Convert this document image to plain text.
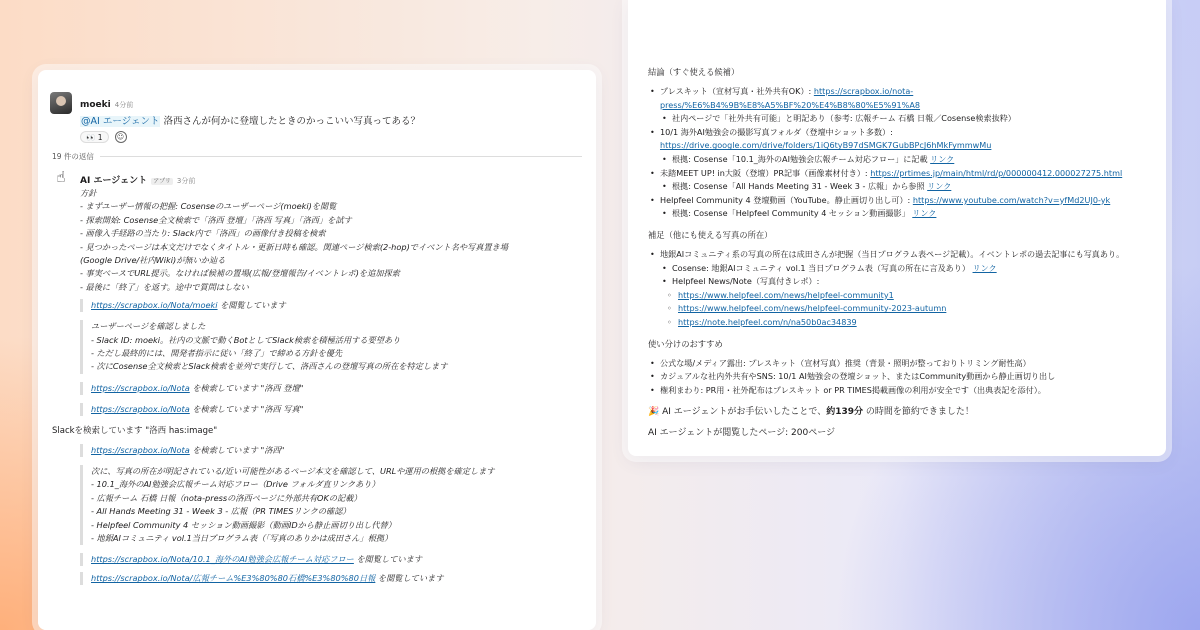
moeki 4分前
@AI エージェント 洛西さんが何かに登壇したときのかっこいい写真ってある？
👀 1	☺
19 件の返信
☝	AI エージェント アプリ 3分前
方針
- まずユーザー情報の把握: Cosenseのユーザーページ(moeki)を閲覧
- 探索開始: Cosense全文検索で「洛西 登壇」「洛西 写真」「洛西」を試す
- 画像入手経路の当たり: Slack内で「洛西」の画像付き投稿を検索
- 見つかったページは本文だけでなくタイトル・更新日時も確認。関連ページ検索(2-hop)でイベント名や写真置き場
(Google Drive/社内Wiki)が無いか辿る
- 事実ベースでURL提示。なければ候補の置場(広報/登壇報告/イベントレポ)を追加探索
- 最後に「終了」を返す。途中で質問はしない
https://scrapbox.io/Nota/moeki を閲覧しています
ユーザーページを確認しました
- Slack ID: moeki。社内の文脈で動くBotとしてSlack検索を積極活用する要望あり
- ただし最終的には、開発者指示に従い「終了」で締める方針を優先
- 次にCosense全文検索とSlack検索を並列で実行して、洛西さんの登壇写真の所在を特定します
https://scrapbox.io/Nota を検索しています "洛西 登壇"
https://scrapbox.io/Nota を検索しています "洛西 写真"
Slackを検索しています "洛西 has:image"
https://scrapbox.io/Nota を検索しています "洛西"
次に、写真の所在が明記されている/近い可能性があるページ本文を確認して、URLや運用の根拠を確定します
- 10.1_海外のAI勉強会広報チーム対応フロー（Drive フォルダ直リンクあり）
- 広報チーム 石橋 日報（nota-pressの洛西ページに外部共有OKの記載）
- All Hands Meeting 31 - Week 3 - 広報（PR TIMESリンクの確認）
- Helpfeel Community 4 セッション動画撮影（動画IDから静止画切り出し代替）
- 地銀AIコミュニティ vol.1当日プログラム表（「写真のありかは成田さん」根拠）
https://scrapbox.io/Nota/10.1_海外のAI勉強会広報チーム対応フロー を閲覧しています
https://scrapbox.io/Nota/広報チーム%E3%80%80石橋%E3%80%80日報 を閲覧しています
結論（すぐ使える候補）
• プレスキット（宣材写真・社外共有OK）: https://scrapbox.io/nota-press/%E6%B4%9B%E8%A5%BF%20%E4%B8%80%E5%91%A8
• 社内ページで「社外共有可能」と明記あり（参考: 広報チーム 石橋 日報／Cosense検索抜粋）
• 10/1 海外AI勉強会の撮影写真フォルダ（登壇中ショット多数）: https://drive.google.com/drive/folders/1iQ6tyB97dSMGK7GubBPcJ6hMkFymmwMu
• 根拠: Cosense「10.1_海外のAI勉強会広報チーム対応フロー」に記載 リンク
• 未踏MEET UP! in大阪（登壇）PR記事（画像素材付き）: https://prtimes.jp/main/html/rd/p/000000412.000027275.html
• 根拠: Cosense「All Hands Meeting 31 - Week 3 - 広報」から参照 リンク
• Helpfeel Community 4 登壇動画（YouTube。静止画切り出し可）: https://www.youtube.com/watch?v=yfMd2UJ0-yk
• 根拠: Cosense「Helpfeel Community 4 セッション動画撮影」 リンク
補足（他にも使える写真の所在）
• 地銀AIコミュニティ系の写真の所在は成田さんが把握（当日プログラム表ページ記載）。イベントレポの過去記事にも写真あり。
• Cosense: 地銀AIコミュニティ vol.1 当日プログラム表（写真の所在に言及あり） リンク
• Helpfeel News/Note（写真付きレポ）:
◦ https://www.helpfeel.com/news/helpfeel-community1
◦ https://www.helpfeel.com/news/helpfeel-community-2023-autumn
◦ https://note.helpfeel.com/n/na50b0ac34839
使い分けのおすすめ
• 公式な場/メディア露出: プレスキット（宣材写真）推奨（背景・照明が整っておりトリミング耐性高）
• カジュアルな社内外共有やSNS: 10/1 AI勉強会の登壇ショット、またはCommunity動画から静止画切り出し
• 権利まわり: PR用・社外配布はプレスキット or PR TIMES掲載画像の利用が安全です（出典表記を添付）。
🎉 AI エージェントがお手伝いしたことで、約139分 の時間を節約できました！
AI エージェントが閲覧したページ: 200ページ
